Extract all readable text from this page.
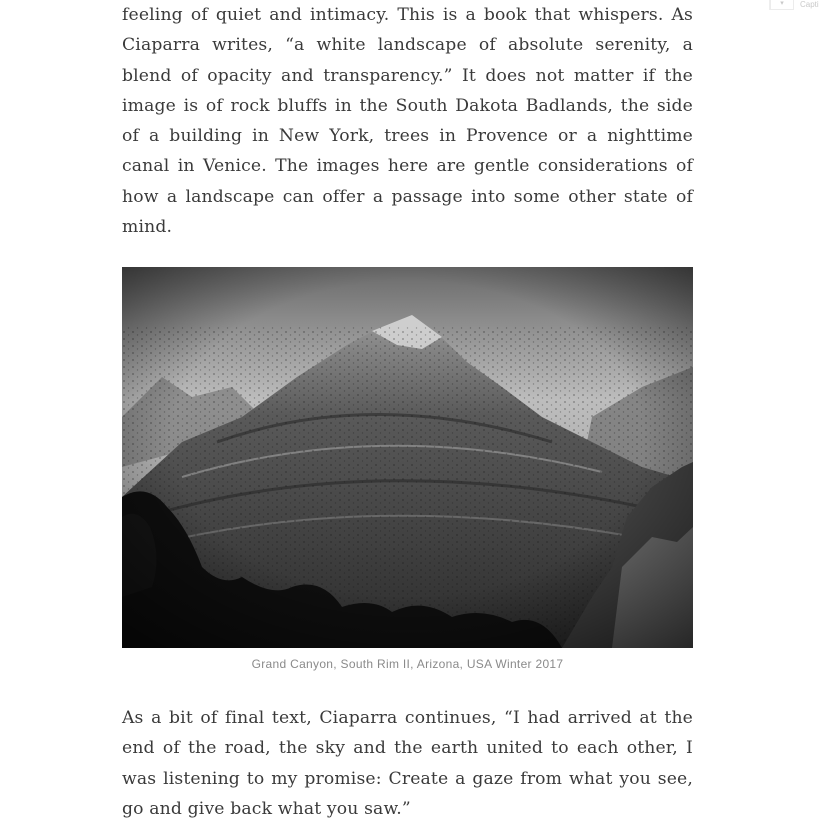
▾	Capti

feeling of quiet and intimacy. This is a book that whispers. As Ciaparra writes, “a white landscape of absolute serenity, a blend of opacity and transparency.” It does not matter if the image is of rock bluffs in the South Dakota Badlands, the side of a building in New York, trees in Provence or a nighttime canal in Venice. The images here are gentle considerations of how a landscape can offer a passage into some other state of mind.

Grand Canyon, South Rim II, Arizona, USA Winter 2017

As a bit of final text, Ciaparra continues, “I had arrived at the end of the road, the sky and the earth united to each other, I was listening to my promise: Create a gaze from what you see, go and give back what you saw.”
